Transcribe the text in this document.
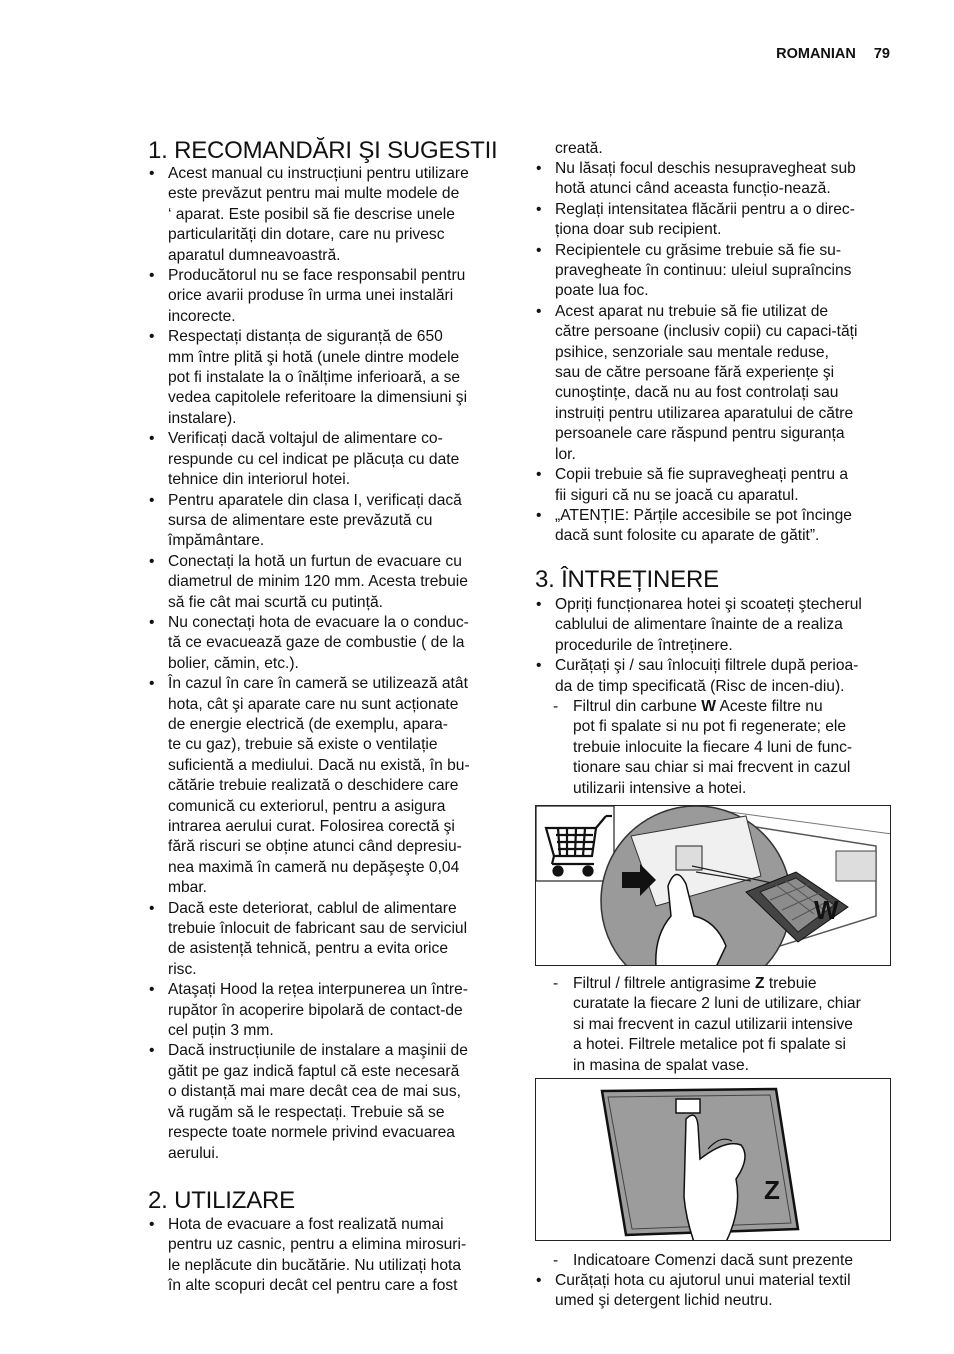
ROMANIAN 79
1. RECOMANDĂRI ŞI SUGESTII
• Acest manual cu instrucțiuni pentru utilizare
este prevăzut pentru mai multe modele de
‘ aparat. Este posibil să fie descrise unele
particularități din dotare, care nu privesc
aparatul dumneavoastră.
• Producătorul nu se face responsabil pentru
orice avarii produse în urma unei instalări
incorecte.
• Respectați distanța de siguranță de 650
mm între plită şi hotă (unele dintre modele
pot fi instalate la o înălțime inferioară, a se
vedea capitolele referitoare la dimensiuni şi
instalare).
• Verificați dacă voltajul de alimentare co-
respunde cu cel indicat pe plăcuța cu date
tehnice din interiorul hotei.
• Pentru aparatele din clasa I, verificați dacă
sursa de alimentare este prevăzută cu
împământare.
• Conectați la hotă un furtun de evacuare cu
diametrul de minim 120 mm. Acesta trebuie
să fie cât mai scurtă cu putință.
• Nu conectați hota de evacuare la o conduc-
tă ce evacuează gaze de combustie ( de la
bolier, cămin, etc.).
• În cazul în care în cameră se utilizează atât
hota, cât şi aparate care nu sunt acționate
de energie electrică (de exemplu, apara-
te cu gaz), trebuie să existe o ventilație
suficientă a mediului. Dacă nu există, în bu-
cătărie trebuie realizată o deschidere care
comunică cu exteriorul, pentru a asigura
intrarea aerului curat. Folosirea corectă şi
fără riscuri se obține atunci când depresiu-
nea maximă în cameră nu depăşeşte 0,04
mbar.
• Dacă este deteriorat, cablul de alimentare
trebuie înlocuit de fabricant sau de serviciul
de asistență tehnică, pentru a evita orice
risc.
• Ataşați Hood la rețea interpunerea un între-
rupător în acoperire bipolară de contact-de
cel puțin 3 mm.
• Dacă instrucțiunile de instalare a maşinii de
gătit pe gaz indică faptul că este necesară
o distanță mai mare decât cea de mai sus,
vă rugăm să le respectați. Trebuie să se
respecte toate normele privind evacuarea
aerului.
2. UTILIZARE
• Hota de evacuare a fost realizată numai
pentru uz casnic, pentru a elimina mirosuri-
le neplăcute din bucătărie. Nu utilizați hota
în alte scopuri decât cel pentru care a fost
creată.
• Nu lăsați focul deschis nesupravegheat sub
hotă atunci când aceasta funcțio-nează.
• Reglați intensitatea flăcării pentru a o direc-
ționa doar sub recipient.
• Recipientele cu grăsime trebuie să fie su-
pravegheate în continuu: uleiul supraîncins
poate lua foc.
• Acest aparat nu trebuie să fie utilizat de
către persoane (inclusiv copii) cu capaci-tăți
psihice, senzoriale sau mentale reduse,
sau de către persoane fără experiențe şi
cunoştințe, dacă nu au fost controlați sau
instruiți pentru utilizarea aparatului de către
persoanele care răspund pentru siguranța
lor.
• Copii trebuie să fie supravegheați pentru a
fii siguri că nu se joacă cu aparatul.
• „ATENȚIE: Părțile accesibile se pot încinge
dacă sunt folosite cu aparate de gătit”.
3. ÎNTREȚINERE
• Opriți funcționarea hotei şi scoateți ştecherul
cablului de alimentare înainte de a realiza
procedurile de întreținere.
• Curățați şi / sau înlocuiți filtrele după perioa-
da de timp specificată (Risc de incen-diu).
- Filtrul din carbune W Aceste filtre nu
pot fi spalate si nu pot fi regenerate; ele
trebuie inlocuite la fiecare 4 luni de func-
tionare sau chiar si mai frecvent in cazul
utilizarii intensive a hotei.
W
- Filtrul / filtrele antigrasime Z trebuie
curatate la fiecare 2 luni de utilizare, chiar
si mai frecvent in cazul utilizarii intensive
a hotei. Filtrele metalice pot fi spalate si
in masina de spalat vase.
Z
- Indicatoare Comenzi dacă sunt prezente
• Curățați hota cu ajutorul unui material textil
umed şi detergent lichid neutru.
